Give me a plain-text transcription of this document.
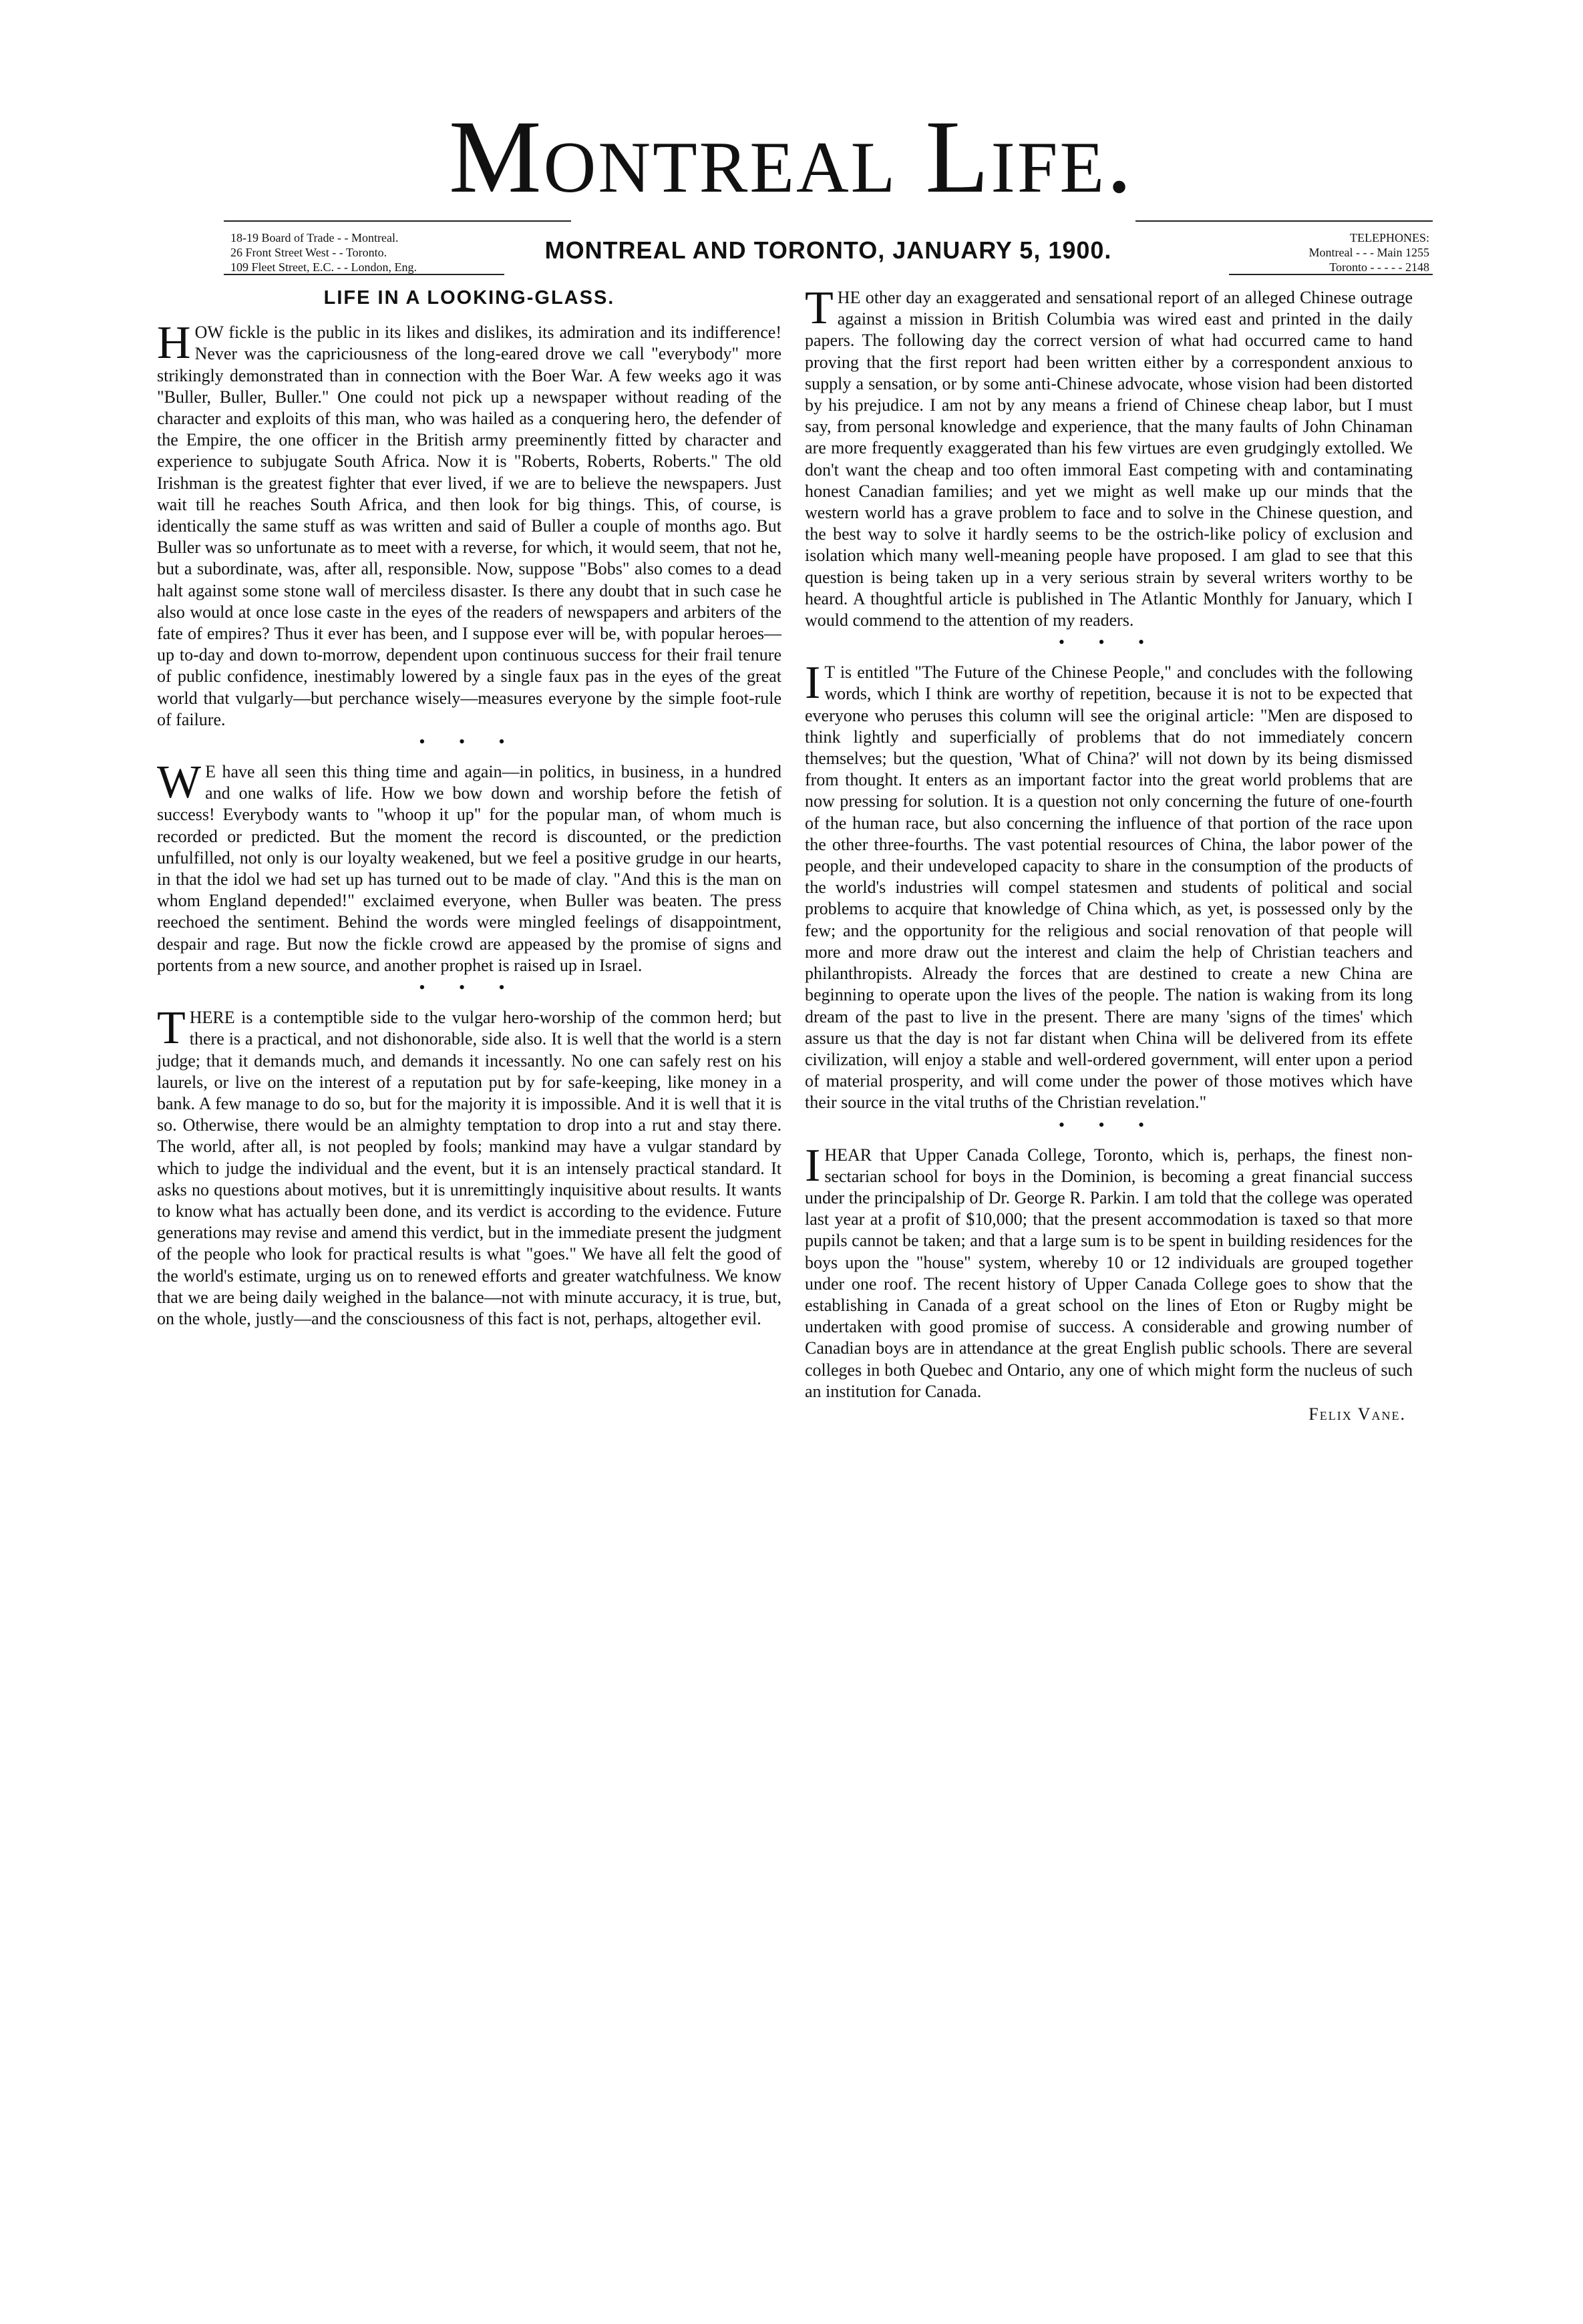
Montreal Life.
18-19 Board of Trade - - Montreal.
26 Front Street West - - Toronto.
109 Fleet Street, E.C. - - London, Eng.
MONTREAL AND TORONTO, JANUARY 5, 1900.	TELEPHONES:
Montreal - - - Main 1255
Toronto - - - - - 2148
LIFE IN A LOOKING-GLASS.

HOW fickle is the public in its likes and dislikes, its admiration and its indifference! Never was the capriciousness of the long-eared drove we call "everybody" more strikingly demonstrated than in connection with the Boer War. A few weeks ago it was "Buller, Buller, Buller." One could not pick up a newspaper without reading of the character and exploits of this man, who was hailed as a conquering hero, the defender of the Empire, the one officer in the British army preeminently fitted by character and experience to subjugate South Africa. Now it is "Roberts, Roberts, Roberts." The old Irishman is the greatest fighter that ever lived, if we are to believe the newspapers. Just wait till he reaches South Africa, and then look for big things. This, of course, is identically the same stuff as was written and said of Buller a couple of months ago. But Buller was so unfortunate as to meet with a reverse, for which, it would seem, that not he, but a subordinate, was, after all, responsible. Now, suppose "Bobs" also comes to a dead halt against some stone wall of merciless disaster. Is there any doubt that in such case he also would at once lose caste in the eyes of the readers of newspapers and arbiters of the fate of empires? Thus it ever has been, and I suppose ever will be, with popular heroes—up to-day and down to-morrow, dependent upon continuous success for their frail tenure of public confidence, inestimably lowered by a single faux pas in the eyes of the great world that vulgarly—but perchance wisely—measures everyone by the simple foot-rule of failure.

• • •

W E have all seen this thing time and again—in politics, in business, in a hundred and one walks of life. How we bow down and worship before the fetish of success! Everybody wants to "whoop it up" for the popular man, of whom much is recorded or predicted. But the moment the record is discounted, or the prediction unfulfilled, not only is our loyalty weakened, but we feel a positive grudge in our hearts, in that the idol we had set up has turned out to be made of clay. "And this is the man on whom England depended!" exclaimed everyone, when Buller was beaten. The press reechoed the sentiment. Behind the words were mingled feelings of disappointment, despair and rage. But now the fickle crowd are appeased by the promise of signs and portents from a new source, and another prophet is raised up in Israel.

• • •

THERE is a contemptible side to the vulgar hero-worship of the common herd; but there is a practical, and not dishonorable, side also. It is well that the world is a stern judge; that it demands much, and demands it incessantly. No one can safely rest on his laurels, or live on the interest of a reputation put by for safe-keeping, like money in a bank. A few manage to do so, but for the majority it is impossible. And it is well that it is so. Otherwise, there would be an almighty temptation to drop into a rut and stay there. The world, after all, is not peopled by fools; mankind may have a vulgar standard by which to judge the individual and the event, but it is an intensely practical standard. It asks no questions about motives, but it is unremittingly inquisitive about results. It wants to know what has actually been done, and its verdict is according to the evidence. Future generations may revise and amend this verdict, but in the immediate present the judgment of the people who look for practical results is what "goes." We have all felt the good of the world's estimate, urging us on to renewed efforts and greater watchfulness. We know that we are being daily weighed in the balance—not with minute accuracy, it is true, but, on the whole, justly—and the consciousness of this fact is not, perhaps, altogether evil.

THE other day an exaggerated and sensational report of an alleged Chinese outrage against a mission in British Columbia was wired east and printed in the daily papers. The following day the correct version of what had occurred came to hand proving that the first report had been written either by a correspondent anxious to supply a sensation, or by some anti-Chinese advocate, whose vision had been distorted by his prejudice. I am not by any means a friend of Chinese cheap labor, but I must say, from personal knowledge and experience, that the many faults of John Chinaman are more frequently exaggerated than his few virtues are even grudgingly extolled. We don't want the cheap and too often immoral East competing with and contaminating honest Canadian families; and yet we might as well make up our minds that the western world has a grave problem to face and to solve in the Chinese question, and the best way to solve it hardly seems to be the ostrich-like policy of exclusion and isolation which many well-meaning people have proposed. I am glad to see that this question is being taken up in a very serious strain by several writers worthy to be heard. A thoughtful article is published in The Atlantic Monthly for January, which I would commend to the attention of my readers.

• • •

I T is entitled "The Future of the Chinese People," and concludes with the following words, which I think are worthy of repetition, because it is not to be expected that everyone who peruses this column will see the original article: "Men are disposed to think lightly and superficially of problems that do not immediately concern themselves; but the question, 'What of China?' will not down by its being dismissed from thought. It enters as an important factor into the great world problems that are now pressing for solution. It is a question not only concerning the future of one-fourth of the human race, but also concerning the influence of that portion of the race upon the other three-fourths. The vast potential resources of China, the labor power of the people, and their undeveloped capacity to share in the consumption of the products of the world's industries will compel statesmen and students of political and social problems to acquire that knowledge of China which, as yet, is possessed only by the few; and the opportunity for the religious and social renovation of that people will more and more draw out the interest and claim the help of Christian teachers and philanthropists. Already the forces that are destined to create a new China are beginning to operate upon the lives of the people. The nation is waking from its long dream of the past to live in the present. There are many 'signs of the times' which assure us that the day is not far distant when China will be delivered from its effete civilization, will enjoy a stable and well-ordered government, will enter upon a period of material prosperity, and will come under the power of those motives which have their source in the vital truths of the Christian revelation."

• • •

I HEAR that Upper Canada College, Toronto, which is, perhaps, the finest non-sectarian school for boys in the Dominion, is becoming a great financial success under the principalship of Dr. George R. Parkin. I am told that the college was operated last year at a profit of $10,000; that the present accommodation is taxed so that more pupils cannot be taken; and that a large sum is to be spent in building residences for the boys upon the "house" system, whereby 10 or 12 individuals are grouped together under one roof. The recent history of Upper Canada College goes to show that the establishing in Canada of a great school on the lines of Eton or Rugby might be undertaken with good promise of success. A considerable and growing number of Canadian boys are in attendance at the great English public schools. There are several colleges in both Quebec and Ontario, any one of which might form the nucleus of such an institution for Canada.

Felix Vane.
